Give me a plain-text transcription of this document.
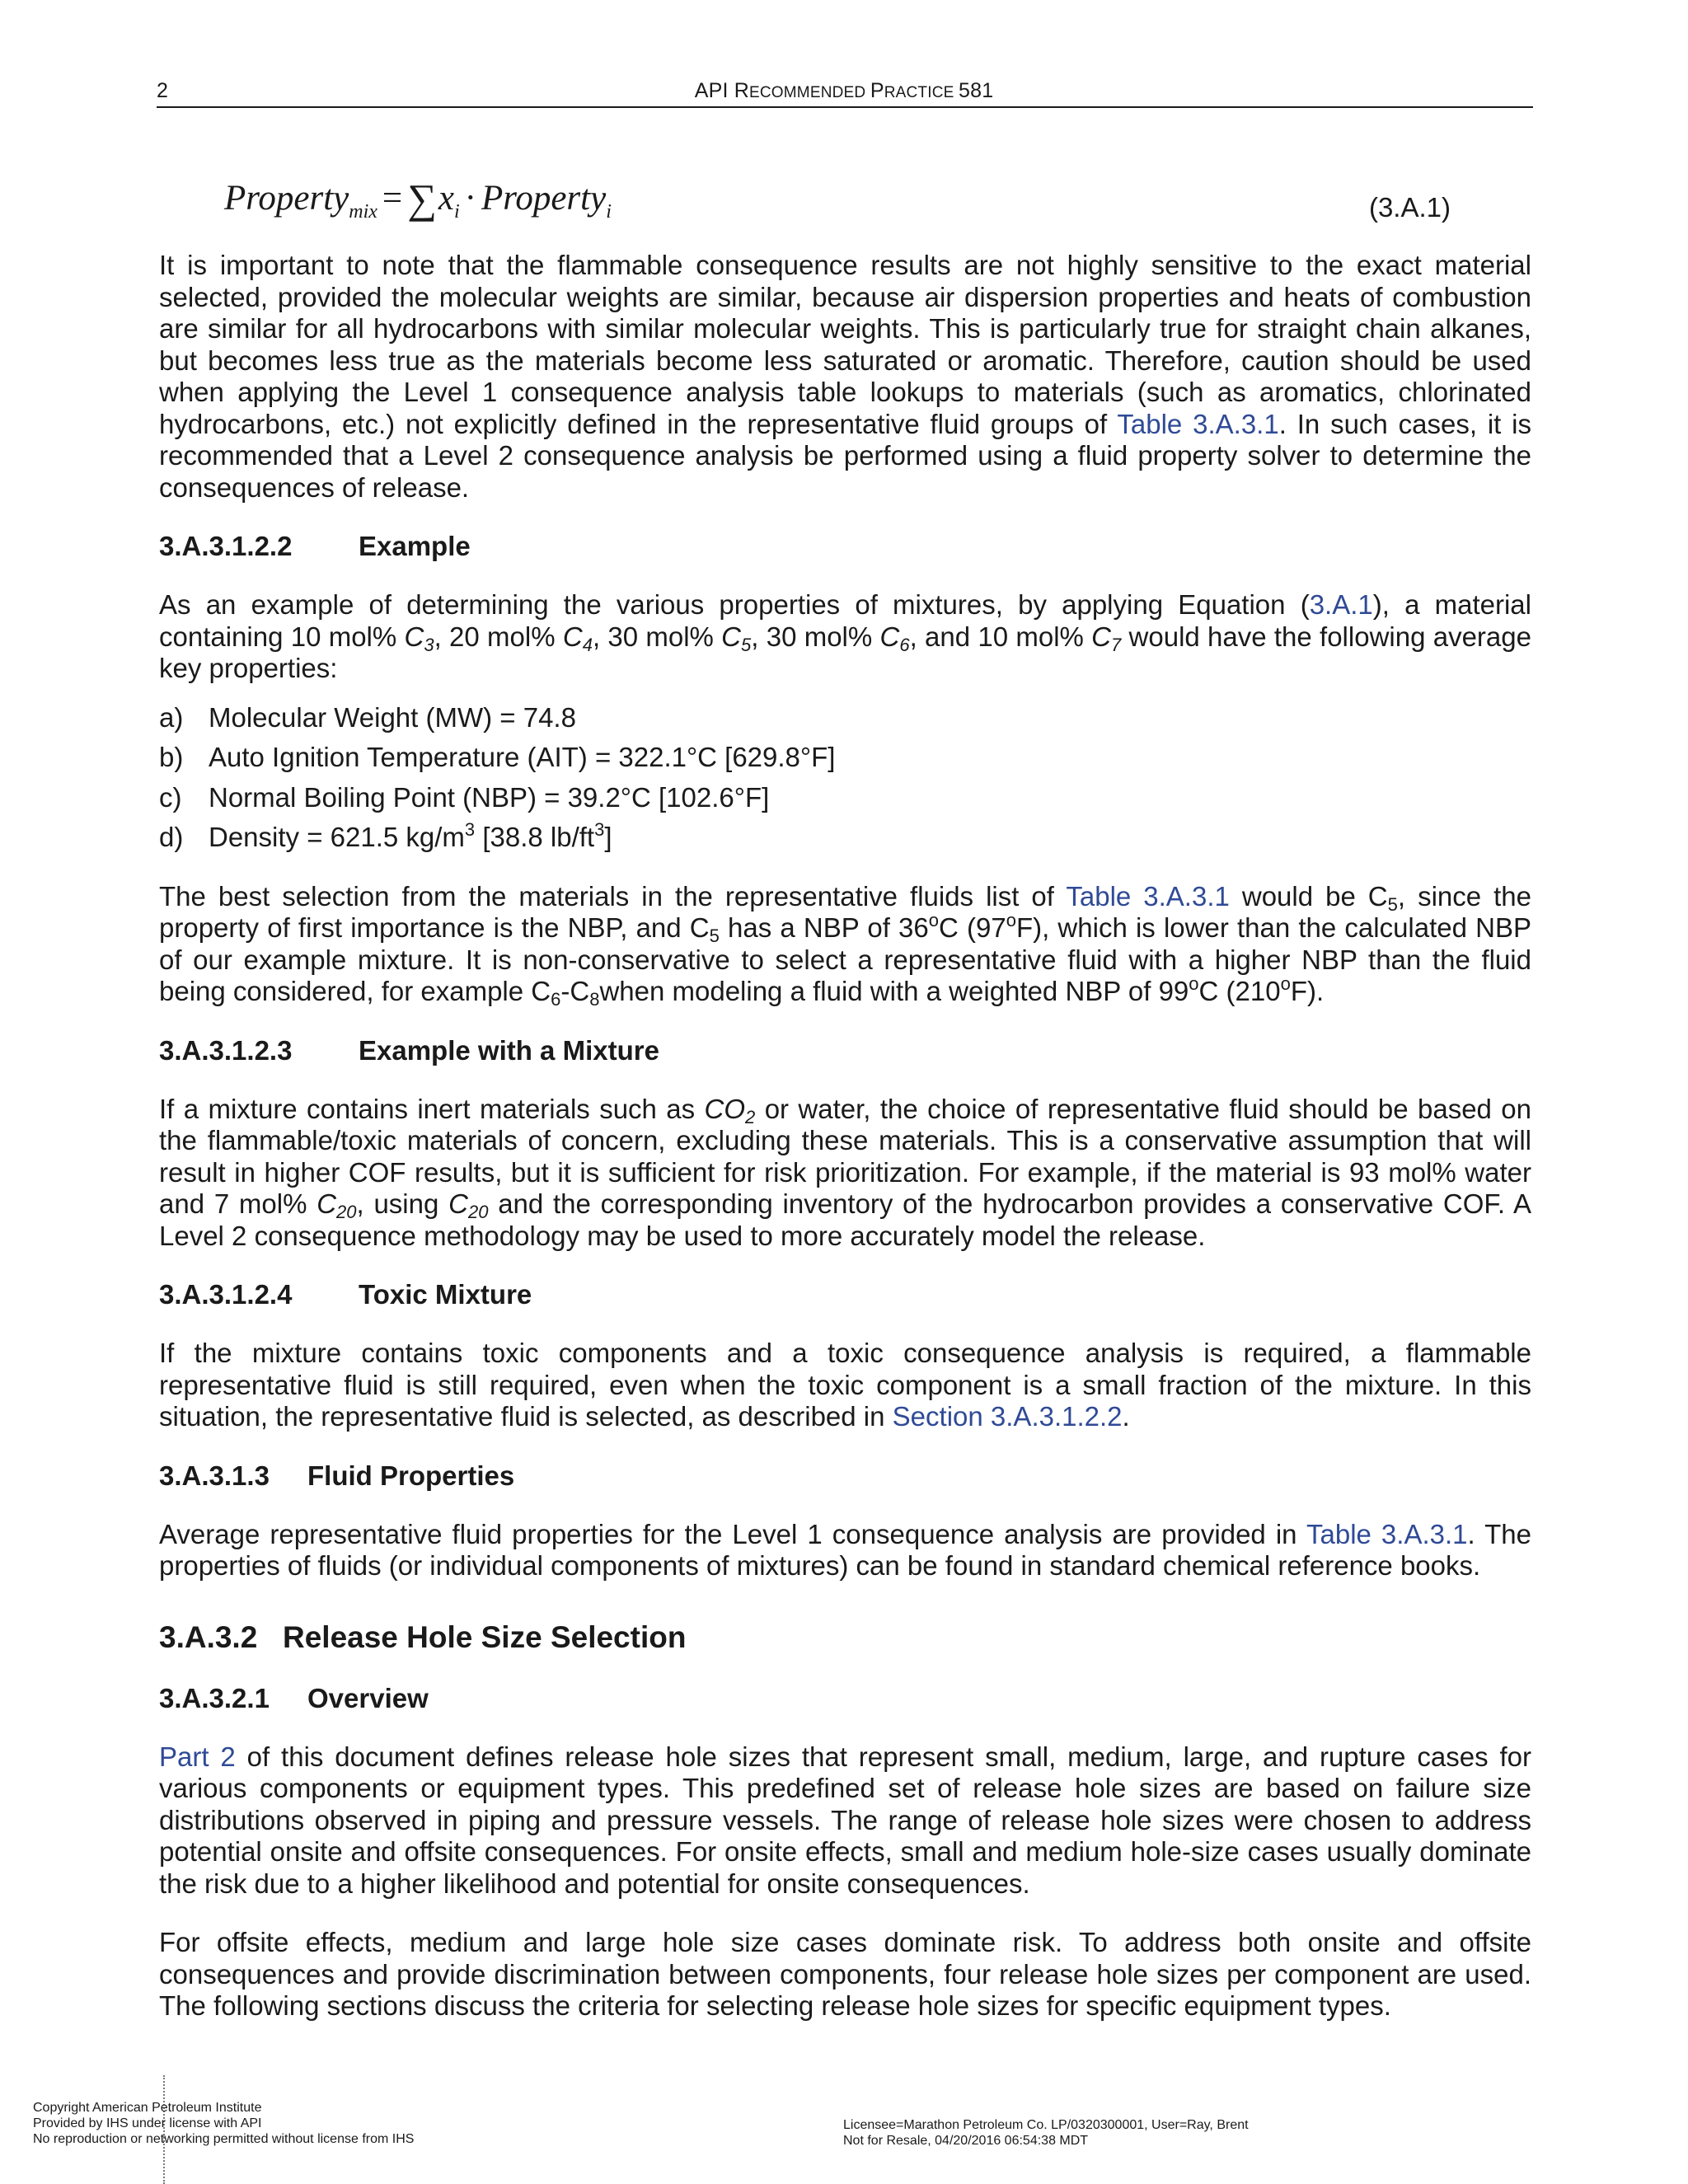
2	API RECOMMENDED PRACTICE 581
Property$_{mix}$ = $\sum x_i$ · Property$_i$	(3.A.1)

It is important to note that the flammable consequence results are not highly sensitive to the exact material selected, provided the molecular weights are similar, because air dispersion properties and heats of combustion are similar for all hydrocarbons with similar molecular weights. This is particularly true for straight chain alkanes, but becomes less true as the materials become less saturated or aromatic. Therefore, caution should be used when applying the Level 1 consequence analysis table lookups to materials (such as aromatics, chlorinated hydrocarbons, etc.) not explicitly defined in the representative fluid groups of Table 3.A.3.1. In such cases, it is recommended that a Level 2 consequence analysis be performed using a fluid property solver to determine the consequences of release.

3.A.3.1.2.2 Example

As an example of determining the various properties of mixtures, by applying Equation (3.A.1), a material containing 10 mol% $C_3$, 20 mol% $C_4$, 30 mol% $C_5$, 30 mol% $C_6$, and 10 mol% $C_7$ would have the following average key properties:

a) Molecular Weight (MW) = 74.8
b) Auto Ignition Temperature (AIT) = 322.1°C [629.8°F]
c) Normal Boiling Point (NBP) = 39.2°C [102.6°F]
d) Density = 621.5 $kg/m^3$ [38.8 $lb/ft^3$]

The best selection from the materials in the representative fluids list of Table 3.A.3.1 would be $C_5$, since the property of first importance is the NBP, and $C_5$ has a NBP of 36$^o$C (97$^o$F), which is lower than the calculated NBP of our example mixture. It is non-conservative to select a representative fluid with a higher NBP than the fluid being considered, for example $C_6-C_8when$ modeling a fluid with a weighted NBP of 99$^o$C (210$^o$F).

3.A.3.1.2.3 Example with a Mixture

If a mixture contains inert materials such as $CO_2$ or water, the choice of representative fluid should be based on the flammable/toxic materials of concern, excluding these materials. This is a conservative assumption that will result in higher COF results, but it is sufficient for risk prioritization. For example, if the material is 93 mol% water and 7 mol% $C_{20}$, using $C_{20}$ and the corresponding inventory of the hydrocarbon provides a conservative COF. A Level 2 consequence methodology may be used to more accurately model the release.

3.A.3.1.2.4 Toxic Mixture

If the mixture contains toxic components and a toxic consequence analysis is required, a flammable representative fluid is still required, even when the toxic component is a small fraction of the mixture. In this situation, the representative fluid is selected, as described in Section 3.A.3.1.2.2.

3.A.3.1.3 Fluid Properties

Average representative fluid properties for the Level 1 consequence analysis are provided in Table 3.A.3.1. The properties of fluids (or individual components of mixtures) can be found in standard chemical reference books.

3.A.3.2 Release Hole Size Selection
3.A.3.2.1 Overview

Part 2 of this document defines release hole sizes that represent small, medium, large, and rupture cases for various components or equipment types. This predefined set of release hole sizes are based on failure size distributions observed in piping and pressure vessels. The range of release hole sizes were chosen to address potential onsite and offsite consequences. For onsite effects, small and medium hole-size cases usually dominate the risk due to a higher likelihood and potential for onsite consequences.

For offsite effects, medium and large hole size cases dominate risk. To address both onsite and offsite consequences and provide discrimination between components, four release hole sizes per component are used. The following sections discuss the criteria for selecting release hole sizes for specific equipment types.

Copyright American Petroleum Institute
Provided by IHS under license with API
No reproduction or networking permitted without license from IHS
Licensee=Marathon Petroleum Co. LP/0320300001, User=Ray, Brent
Not for Resale, 04/20/2016 06:54:38 MDT
